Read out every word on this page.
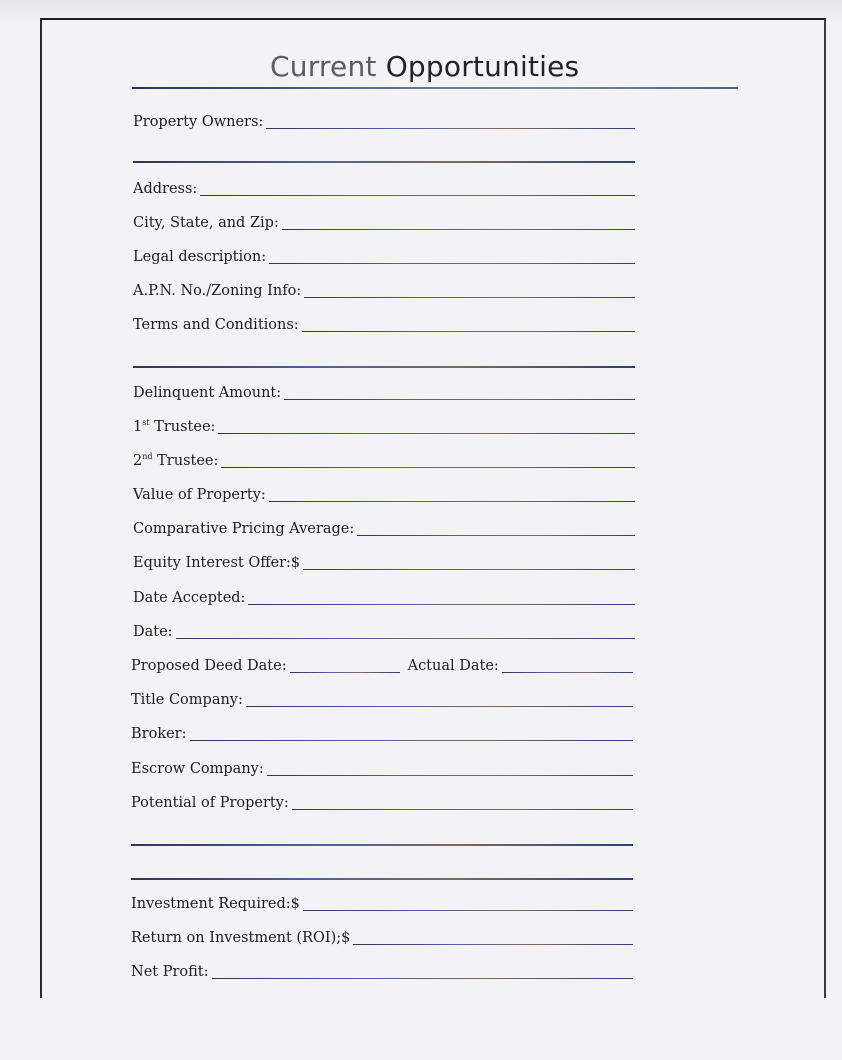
Current Opportunities
Property Owners:
Address:
City, State, and Zip:
Legal description:
A.P.N. No./Zoning Info:
Terms and Conditions:
Delinquent Amount:
1st Trustee:
2nd Trustee:
Value of Property:
Comparative Pricing Average:
Equity Interest Offer:$
Date Accepted:
Date:
Proposed Deed Date:	Actual Date:
Title Company:
Broker:
Escrow Company:
Potential of Property:
Investment Required:$
Return on Investment (ROI);$
Net Profit:
